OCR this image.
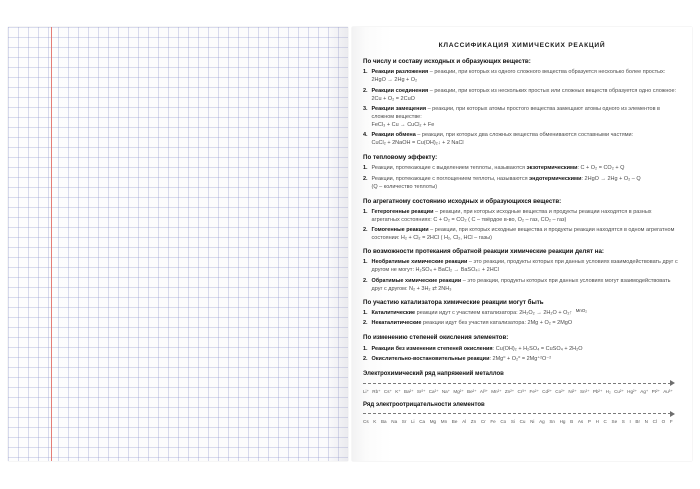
КЛАССИФИКАЦИЯ ХИМИЧЕСКИХ РЕАКЦИЙ
По числу и составу исходных и образующих веществ:
1. Реакции разложения – реакции, при которых из одного сложного вещества образуется несколько более простых: 2HgO → 2Hg + O₂
2. Реакции соединения – реакции, при которых из нескольких простых или сложных веществ образуется одно сложное: 2Cu + O₂ = 2CuO
3. Реакции замещения – реакции, при которых атомы простого вещества замещают атомы одного из элементов в сложном веществе:
FeCl₃ + Cu → CuCl₂ + Fe
4. Реакции обмена – реакции, при которых два сложных вещества обмениваются составными частями:
CuCl₂ + 2NaOH = Cu(OH)₂↓ + 2 NaCl
По тепловому эффекту:
1. Реакции, протекающие с выделением теплоты, называются экзотермическими: C + O₂ = CO₂ + Q
2. Реакции, протекающие с поглощением теплоты, называются эндотермическими: 2HgO → 2Hg + O₂ – Q
(Q – количество теплоты)
По агрегатному состоянию исходных и образующихся веществ:
1. Гетерогенные реакции – реакции, при которых исходные вещества и продукты реакции находятся в разных агрегатных состояниях: C + O₂ = CO₂ ( C – твёрдое в-во, O₂ – газ, CO₂ – газ)
2. Гомогенные реакции – реакции, при которых исходные вещества и продукты реакции находятся в одном агрегатном состоянии: H₂ + Cl₂ = 2HCl ( H₂, Cl₂, HCl – газы)
По возможности протекания обратной реакции химические реакции делят на:
1. Необратимые химические реакции – это реакции, продукты которых при данных условиях взаимодействовать друг с другом не могут: H₂SO₄ + BaCl₂ → BaSO₄↓ + 2HCl
2. Обратимые химические реакции – это реакции, продукты которых при данных условиях могут взаимодействовать друг с другом: N₂ + 3H₂ ⇄ 2NH₃
По участию катализатора химические реакции могут быть
1. Каталитические реакции идут с участием катализатора: 2H₂O₂ → 2H₂O + O₂↑ MnO₂
2. Некаталитические реакции идут без участия катализатора: 2Mg + O₂ = 2MgO
По изменению степеней окисления элементов:
1. Реакции без изменения степеней окисления: Cu(OH)₂ + H₂SO₄ = CuSO₄ + 2H₂O
2. Окислительно-востановительные реакции: 2Mg⁰ + O₂⁰ = 2Mg⁺²O⁻²
Электрохимический ряд напряжений металлов
Li⁺ Rb⁺ Cs⁺ K⁺ Ba²⁺ Sr²⁺ Ca²⁺ Na⁺ Mg²⁺ Be²⁺ Al³⁺ Mn²⁺ Zn²⁺ Cr³⁺ Fe²⁺ Cd²⁺ Co²⁺ Ni²⁺ Sn²⁺ Pb²⁺ H₂ Cu²⁺ Hg²⁺ Ag⁺ Pt²⁺ Au³⁺
Ряд электроотрицательности элементов
Cs K Ba Na Sr Li Ca Mg Mn Be Al Zn Cr Fe Co Si Cu Ni Ag Sn Hg B As P H C Se S I Br N Cl O F
